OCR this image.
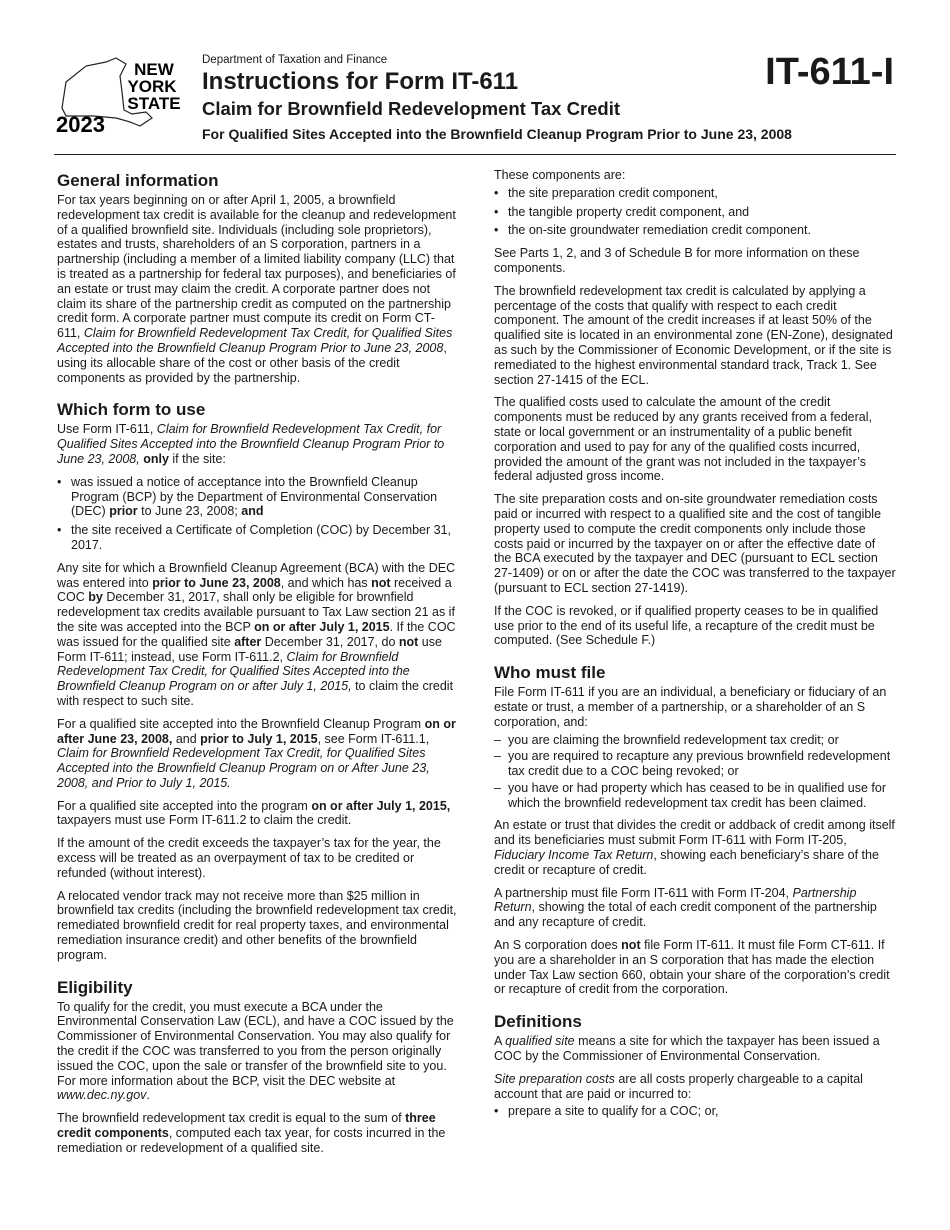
NEW
YORK
STATE
2023
Department of Taxation and Finance
Instructions for Form IT-611
Claim for Brownfield Redevelopment Tax Credit
For Qualified Sites Accepted into the Brownfield Cleanup Program Prior to June 23, 2008
IT-611-I
General information

For tax years beginning on or after April 1, 2005, a brownfield redevelopment tax credit is available for the cleanup and redevelopment of a qualified brownfield site. Individuals (including sole proprietors), estates and trusts, shareholders of an S corporation, partners in a partnership (including a member of a limited liability company (LLC) that is treated as a partnership for federal tax purposes), and beneficiaries of an estate or trust may claim the credit. A corporate partner does not claim its share of the partnership credit as computed on the partnership credit form. A corporate partner must compute its credit on Form CT-611, Claim for Brownfield Redevelopment Tax Credit, for Qualified Sites Accepted into the Brownfield Cleanup Program Prior to June 23, 2008, using its allocable share of the cost or other basis of the credit components as provided by the partnership.

Which form to use

Use Form IT-611, Claim for Brownfield Redevelopment Tax Credit, for Qualified Sites Accepted into the Brownfield Cleanup Program Prior to June 23, 2008, only if the site:

• was issued a notice of acceptance into the Brownfield Cleanup Program (BCP) by the Department of Environmental Conservation (DEC) prior to June 23, 2008; and
• the site received a Certificate of Completion (COC) by December 31, 2017.

Any site for which a Brownfield Cleanup Agreement (BCA) with the DEC was entered into prior to June 23, 2008, and which has not received a COC by December 31, 2017, shall only be eligible for brownfield redevelopment tax credits available pursuant to Tax Law section 21 as if the site was accepted into the BCP on or after July 1, 2015. If the COC was issued for the qualified site after December 31, 2017, do not use Form IT-611; instead, use Form IT-611.2, Claim for Brownfield Redevelopment Tax Credit, for Qualified Sites Accepted into the Brownfield Cleanup Program on or after July 1, 2015, to claim the credit with respect to such site.

For a qualified site accepted into the Brownfield Cleanup Program on or after June 23, 2008, and prior to July 1, 2015, see Form IT-611.1, Claim for Brownfield Redevelopment Tax Credit, for Qualified Sites Accepted into the Brownfield Cleanup Program on or After June 23, 2008, and Prior to July 1, 2015.

For a qualified site accepted into the program on or after July 1, 2015, taxpayers must use Form IT-611.2 to claim the credit.

If the amount of the credit exceeds the taxpayer’s tax for the year, the excess will be treated as an overpayment of tax to be credited or refunded (without interest).

A relocated vendor track may not receive more than $25 million in brownfield tax credits (including the brownfield redevelopment tax credit, remediated brownfield credit for real property taxes, and environmental remediation insurance credit) and other benefits of the brownfield program.

Eligibility

To qualify for the credit, you must execute a BCA under the Environmental Conservation Law (ECL), and have a COC issued by the Commissioner of Environmental Conservation. You may also qualify for the credit if the COC was transferred to you from the person originally issued the COC, upon the sale or transfer of the brownfield site to you. For more information about the BCP, visit the DEC website at www.dec.ny.gov.

The brownfield redevelopment tax credit is equal to the sum of three credit components, computed each tax year, for costs incurred in the remediation or redevelopment of a qualified site.

These components are:

• the site preparation credit component,
• the tangible property credit component, and
• the on-site groundwater remediation credit component.

See Parts 1, 2, and 3 of Schedule B for more information on these components.

The brownfield redevelopment tax credit is calculated by applying a percentage of the costs that qualify with respect to each credit component. The amount of the credit increases if at least 50% of the qualified site is located in an environmental zone (EN-Zone), designated as such by the Commissioner of Economic Development, or if the site is remediated to the highest environmental standard track, Track 1. See section 27-1415 of the ECL.

The qualified costs used to calculate the amount of the credit components must be reduced by any grants received from a federal, state or local government or an instrumentality of a public benefit corporation and used to pay for any of the qualified costs incurred, provided the amount of the grant was not included in the taxpayer’s federal adjusted gross income.

The site preparation costs and on-site groundwater remediation costs paid or incurred with respect to a qualified site and the cost of tangible property used to compute the credit components only include those costs paid or incurred by the taxpayer on or after the effective date of the BCA executed by the taxpayer and DEC (pursuant to ECL section 27-1409) or on or after the date the COC was transferred to the taxpayer (pursuant to ECL section 27-1419).

If the COC is revoked, or if qualified property ceases to be in qualified use prior to the end of its useful life, a recapture of the credit must be computed. (See Schedule F.)

Who must file

File Form IT-611 if you are an individual, a beneficiary or fiduciary of an estate or trust, a member of a partnership, or a shareholder of an S corporation, and:

– you are claiming the brownfield redevelopment tax credit; or
– you are required to recapture any previous brownfield redevelopment tax credit due to a COC being revoked; or
– you have or had property which has ceased to be in qualified use for which the brownfield redevelopment tax credit has been claimed.

An estate or trust that divides the credit or addback of credit among itself and its beneficiaries must submit Form IT-611 with Form IT-205, Fiduciary Income Tax Return, showing each beneficiary’s share of the credit or recapture of credit.

A partnership must file Form IT-611 with Form IT-204, Partnership Return, showing the total of each credit component of the partnership and any recapture of credit.

An S corporation does not file Form IT-611. It must file Form CT-611. If you are a shareholder in an S corporation that has made the election under Tax Law section 660, obtain your share of the corporation’s credit or recapture of credit from the corporation.

Definitions

A qualified site means a site for which the taxpayer has been issued a COC by the Commissioner of Environmental Conservation.

Site preparation costs are all costs properly chargeable to a capital account that are paid or incurred to:

• prepare a site to qualify for a COC; or,
